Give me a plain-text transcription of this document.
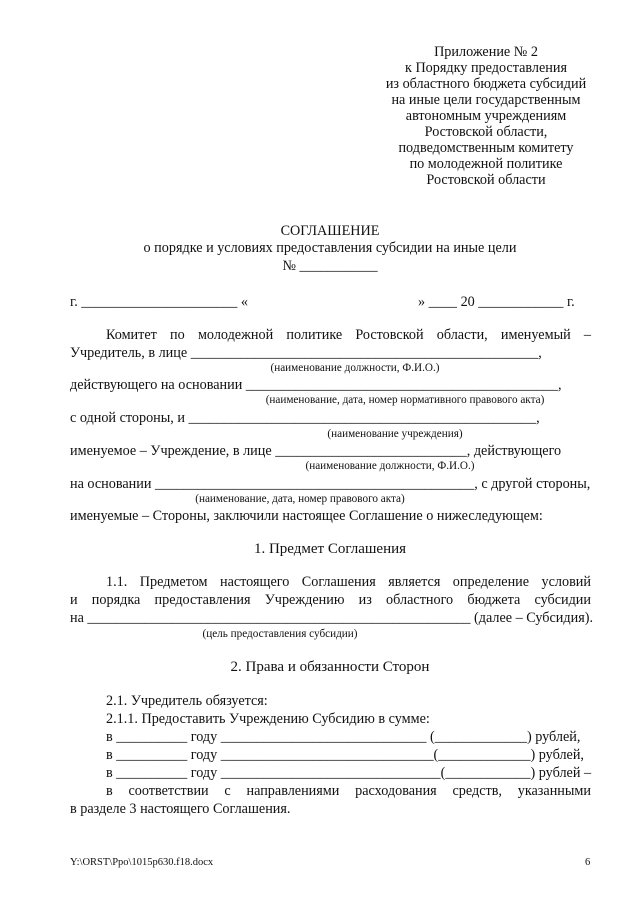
Приложение № 2
к Порядку предоставления
из областного бюджета субсидий
на иные цели государственным
автономным учреждениям
Ростовской области,
подведомственным комитету
по молодежной политике
Ростовской области
СОГЛАШЕНИЕ
о порядке и условиях предоставления субсидии на иные цели
№ ___________
г. ______________________ «	» ____ 20 ____________ г.
Комитет по молодежной политике Ростовской области, именуемый –
Учредитель, в лице _________________________________________________,
(наименование должности, Ф.И.О.)
действующего на основании ____________________________________________,
(наименование, дата, номер нормативного правового акта)
с одной стороны, и _________________________________________________,
(наименование учреждения)
именуемое – Учреждение, в лице ___________________________, действующего
(наименование должности, Ф.И.О.)
на основании _____________________________________________, с другой стороны,
(наименование, дата, номер правового акта)
именуемые – Стороны, заключили настоящее Соглашение о нижеследующем:
1. Предмет Соглашения
1.1. Предметом настоящего Соглашения является определение условий
и порядка предоставления Учреждению из областного бюджета субсидии
на ______________________________________________________ (далее – Субсидия).
(цель предоставления субсидии)
2. Права и обязанности Сторон
2.1. Учредитель обязуется:
2.1.1. Предоставить Учреждению Субсидию в сумме:
в __________ году _____________________________ (_____________) рублей,
в __________ году ______________________________(_____________) рублей,
в __________ году _______________________________(____________) рублей –
в соответствии с направлениями расходования средств, указанными
в разделе 3 настоящего Соглашения.
Y:\ORST\Ppo\1015p630.f18.docx	6
